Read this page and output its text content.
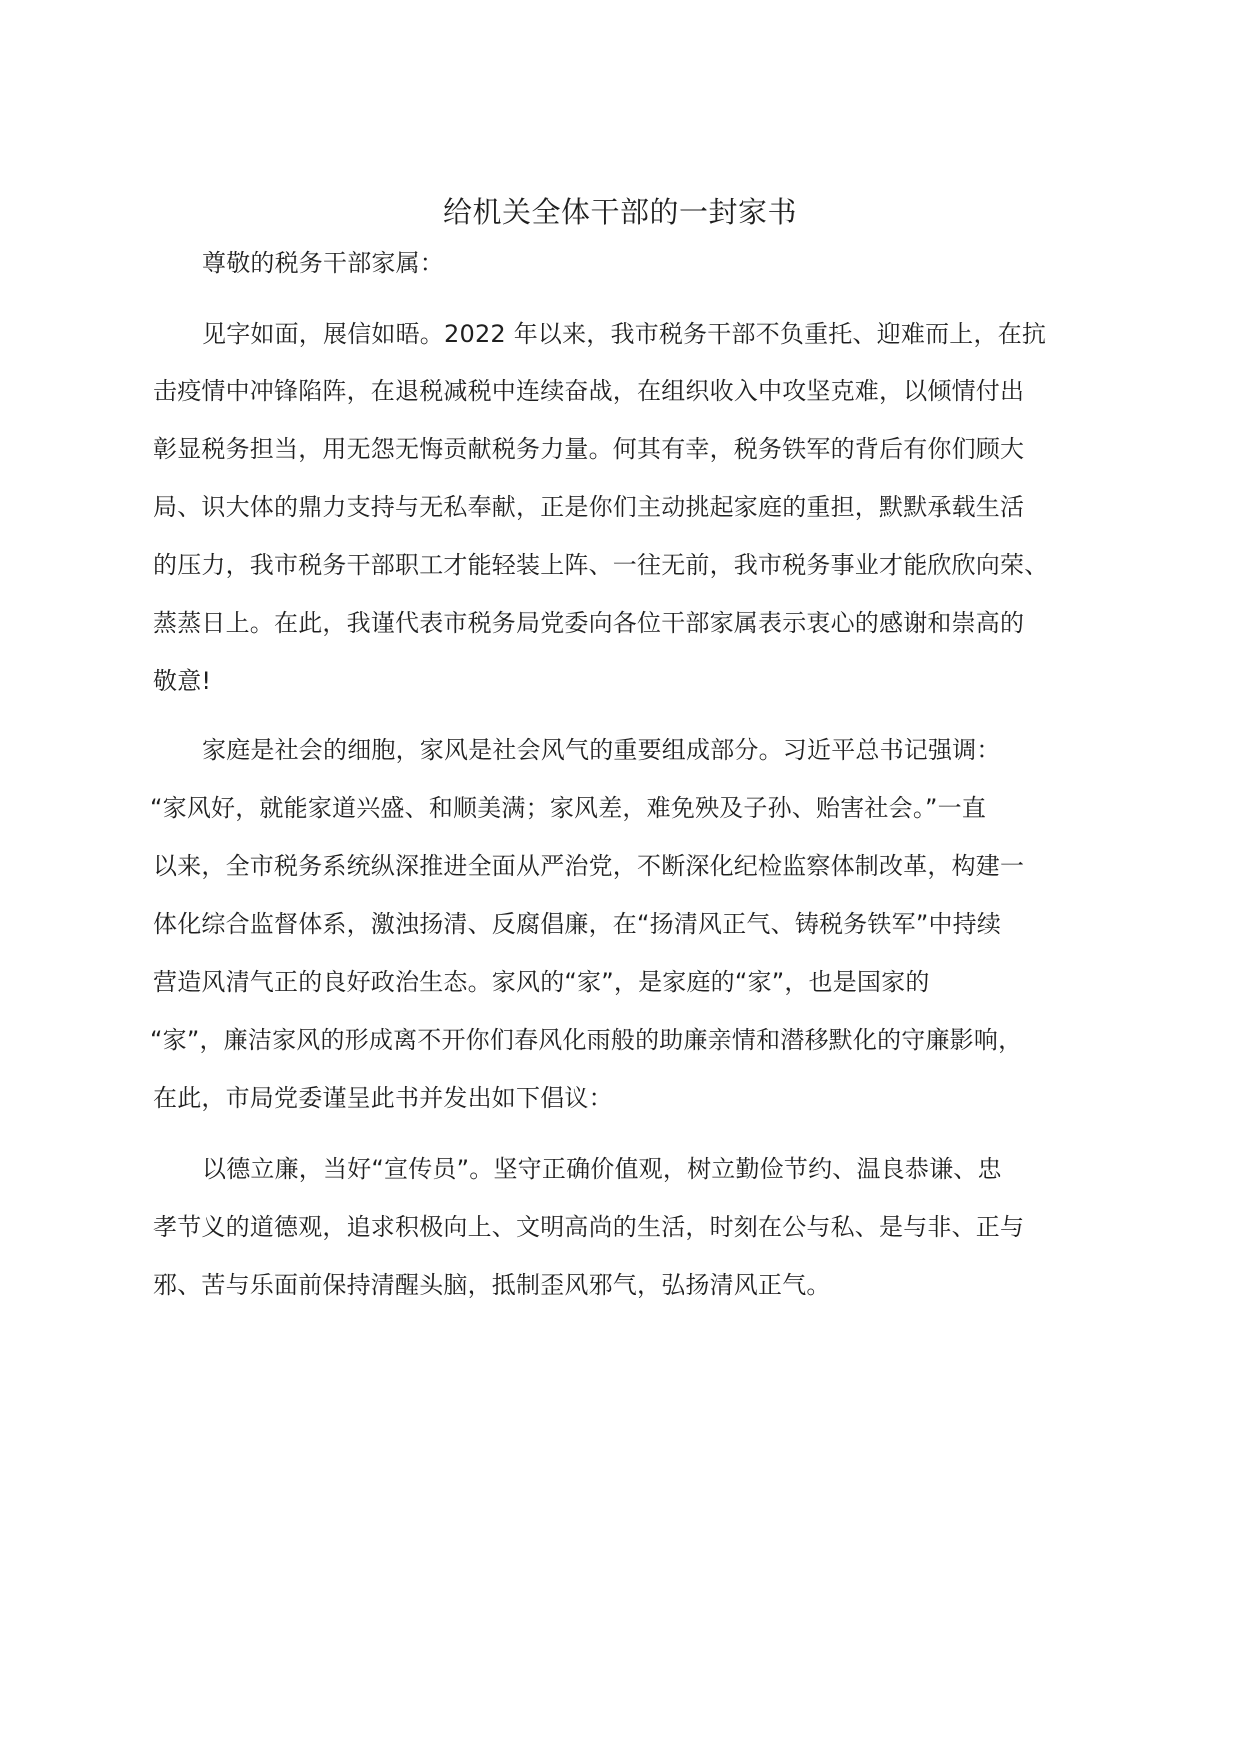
给机关全体干部的一封家书
尊敬的税务干部家属：
见字如面，展信如晤。2022 年以来，我市税务干部不负重托、迎难而上，在抗
击疫情中冲锋陷阵，在退税减税中连续奋战，在组织收入中攻坚克难，以倾情付出
彰显税务担当，用无怨无悔贡献税务力量。何其有幸，税务铁军的背后有你们顾大
局、识大体的鼎力支持与无私奉献，正是你们主动挑起家庭的重担，默默承载生活
的压力，我市税务干部职工才能轻装上阵、一往无前，我市税务事业才能欣欣向荣、
蒸蒸日上。在此，我谨代表市税务局党委向各位干部家属表示衷心的感谢和崇高的
敬意!
家庭是社会的细胞，家风是社会风气的重要组成部分。习近平总书记强调：
“家风好，就能家道兴盛、和顺美满；家风差，难免殃及子孙、贻害社会。”一直
以来，全市税务系统纵深推进全面从严治党，不断深化纪检监察体制改革，构建一
体化综合监督体系，激浊扬清、反腐倡廉，在“扬清风正气、铸税务铁军”中持续
营造风清气正的良好政治生态。家风的“家”，是家庭的“家”，也是国家的
“家”，廉洁家风的形成离不开你们春风化雨般的助廉亲情和潜移默化的守廉影响，
在此，市局党委谨呈此书并发出如下倡议：
以德立廉，当好“宣传员”。坚守正确价值观，树立勤俭节约、温良恭谦、忠
孝节义的道德观，追求积极向上、文明高尚的生活，时刻在公与私、是与非、正与
邪、苦与乐面前保持清醒头脑，抵制歪风邪气，弘扬清风正气。
